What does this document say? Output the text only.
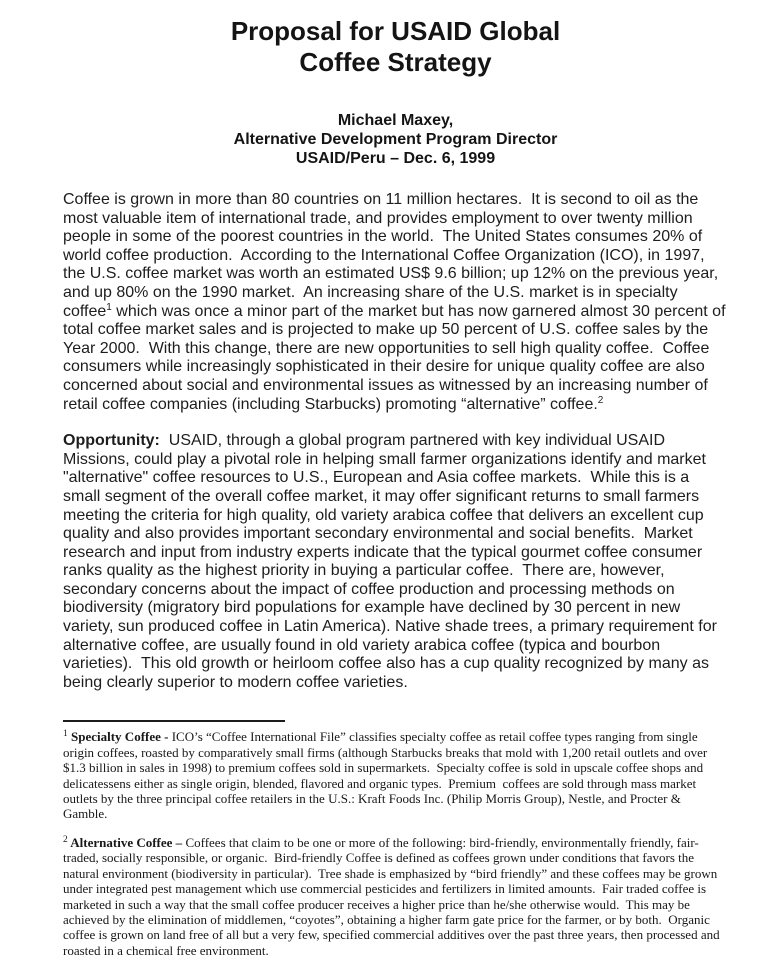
Proposal for USAID Global
Coffee Strategy
Michael Maxey,
Alternative Development Program Director
USAID/Peru – Dec. 6, 1999

Coffee is grown in more than 80 countries on 11 million hectares.  It is second to oil as the most valuable item of international trade, and provides employment to over twenty million people in some of the poorest countries in the world.  The United States consumes 20% of world coffee production.  According to the International Coffee Organization (ICO), in 1997, the U.S. coffee market was worth an estimated US$ 9.6 billion; up 12% on the previous year, and up 80% on the 1990 market.  An increasing share of the U.S. market is in specialty coffee$^1$ which was once a minor part of the market but has now garnered almost 30 percent of total coffee market sales and is projected to make up 50 percent of U.S. coffee sales by the Year 2000.  With this change, there are new opportunities to sell high quality coffee.  Coffee consumers while increasingly sophisticated in their desire for unique quality coffee are also concerned about social and environmental issues as witnessed by an increasing number of retail coffee companies (including Starbucks) promoting “alternative” coffee.$^2$

Opportunity:  USAID, through a global program partnered with key individual USAID Missions, could play a pivotal role in helping small farmer organizations identify and market "alternative" coffee resources to U.S., European and Asia coffee markets.  While this is a small segment of the overall coffee market, it may offer significant returns to small farmers meeting the criteria for high quality, old variety arabica coffee that delivers an excellent cup quality and also provides important secondary environmental and social benefits.  Market research and input from industry experts indicate that the typical gourmet coffee consumer ranks quality as the highest priority in buying a particular coffee.  There are, however, secondary concerns about the impact of coffee production and processing methods on biodiversity (migratory bird populations for example have declined by 30 percent in new variety, sun produced coffee in Latin America). Native shade trees, a primary requirement for alternative coffee, are usually found in old variety arabica coffee (typica and bourbon varieties).  This old growth or heirloom coffee also has a cup quality recognized by many as being clearly superior to modern coffee varieties.

$^1$ Specialty Coffee - ICO’s “Coffee International File” classifies specialty coffee as retail coffee types ranging from single origin coffees, roasted by comparatively small firms (although Starbucks breaks that mold with 1,200 retail outlets and over $1.3 billion in sales in 1998) to premium coffees sold in supermarkets.  Specialty coffee is sold in upscale coffee shops and delicatessens either as single origin, blended, flavored and organic types.  Premium  coffees are sold through mass market outlets by the three principal coffee retailers in the U.S.: Kraft Foods Inc. (Philip Morris Group), Nestle, and Procter & Gamble.
$^2$ Alternative Coffee – Coffees that claim to be one or more of the following: bird-friendly, environmentally friendly, fair-traded, socially responsible, or organic.  Bird-friendly Coffee is defined as coffees grown under conditions that favors the natural environment (biodiversity in particular).  Tree shade is emphasized by “bird friendly” and these coffees may be grown under integrated pest management which use commercial pesticides and fertilizers in limited amounts.  Fair traded coffee is marketed in such a way that the small coffee producer receives a higher price than he/she otherwise would.  This may be achieved by the elimination of middlemen, “coyotes”, obtaining a higher farm gate price for the farmer, or by both.  Organic coffee is grown on land free of all but a very few, specified commercial additives over the past three years, then processed and roasted in a chemical free environment.
